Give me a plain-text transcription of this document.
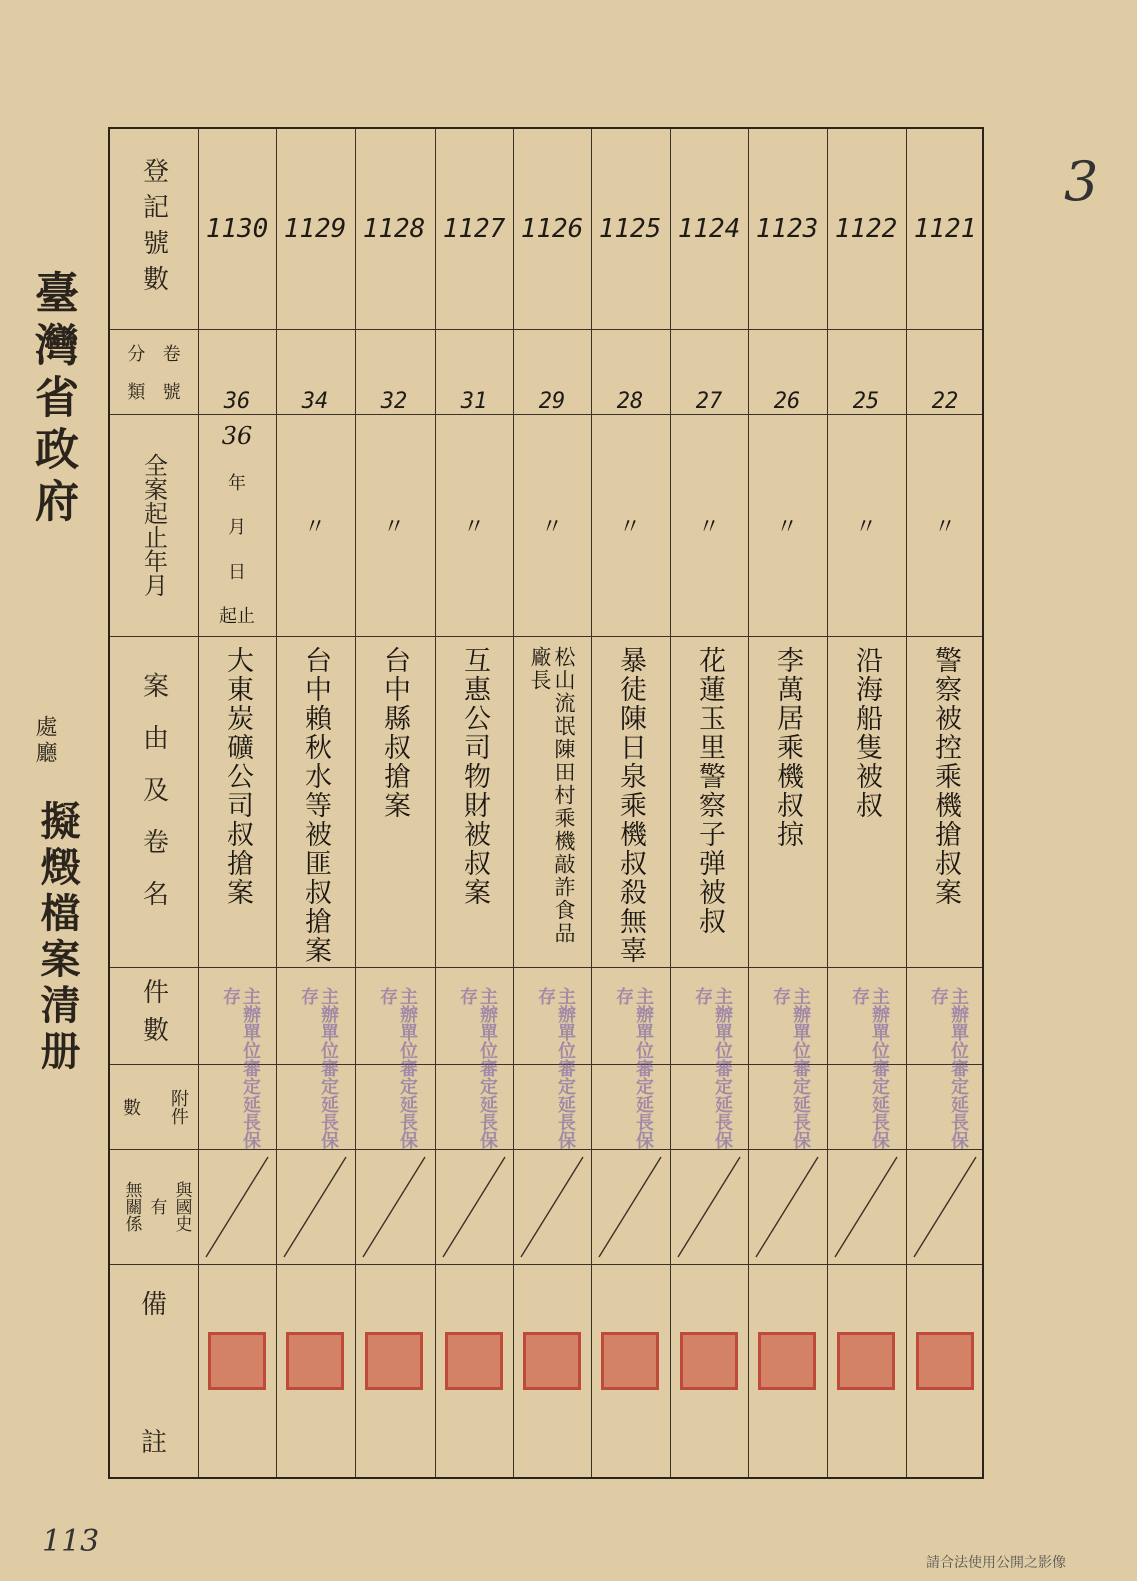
臺灣省政府
處廳
擬燬檔案清册
3
登記號數
分 卷
類 號
全案起止年月
案由及卷名
件數
數 附件
無關係 有 與國史
備
註
1130
36
36
年
月
日
起止
大東炭礦公司叔搶案
主辦單位審定延長保存
1129
34
〃
台中賴秋水等被匪叔搶案
主辦單位審定延長保存
1128
32
〃
台中縣叔搶案
主辦單位審定延長保存
1127
31
〃
互惠公司物財被叔案
主辦單位審定延長保存
1126
29
〃
松山流氓陳田村乘機敲詐食品廠長
主辦單位審定延長保存
1125
28
〃
暴徒陳日泉乘機叔殺無辜
主辦單位審定延長保存
1124
27
〃
花蓮玉里警察子弹被叔
主辦單位審定延長保存
1123
26
〃
李萬居乘機叔掠
主辦單位審定延長保存
1122
25
〃
沿海船隻被叔
主辦單位審定延長保存
1121
22
〃
警察被控乘機搶叔案
主辦單位審定延長保存
113
請合法使用公開之影像
